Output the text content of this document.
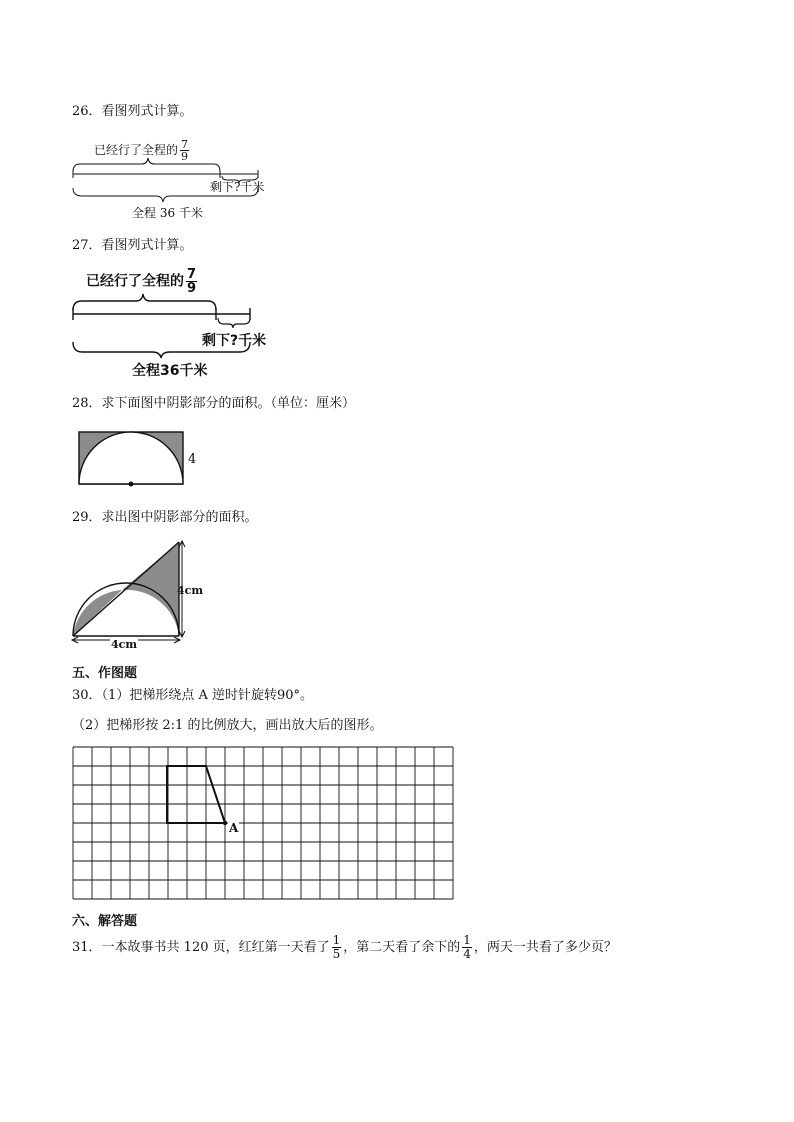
26．看图列式计算。
已经行了全程的 $\frac{7}{9}$
剩下?千米
全程 36 千米
27．看图列式计算。
已经行了全程的 $\frac{7}{9}$
剩下?千米
全程36千米
28．求下面图中阴影部分的面积。（单位：厘米）
4
29．求出图中阴影部分的面积。
4cm
4cm
五、作图题
30．（1）把梯形绕点 A 逆时针旋转90°。
（2）把梯形按 2:1 的比例放大，画出放大后的图形。
A
六、解答题
31．一本故事书共 120 页，红红第一天看了 $\frac{1}{5}$ ，第二天看了余下的 $\frac{1}{4}$ ，两天一共看了多少页？
